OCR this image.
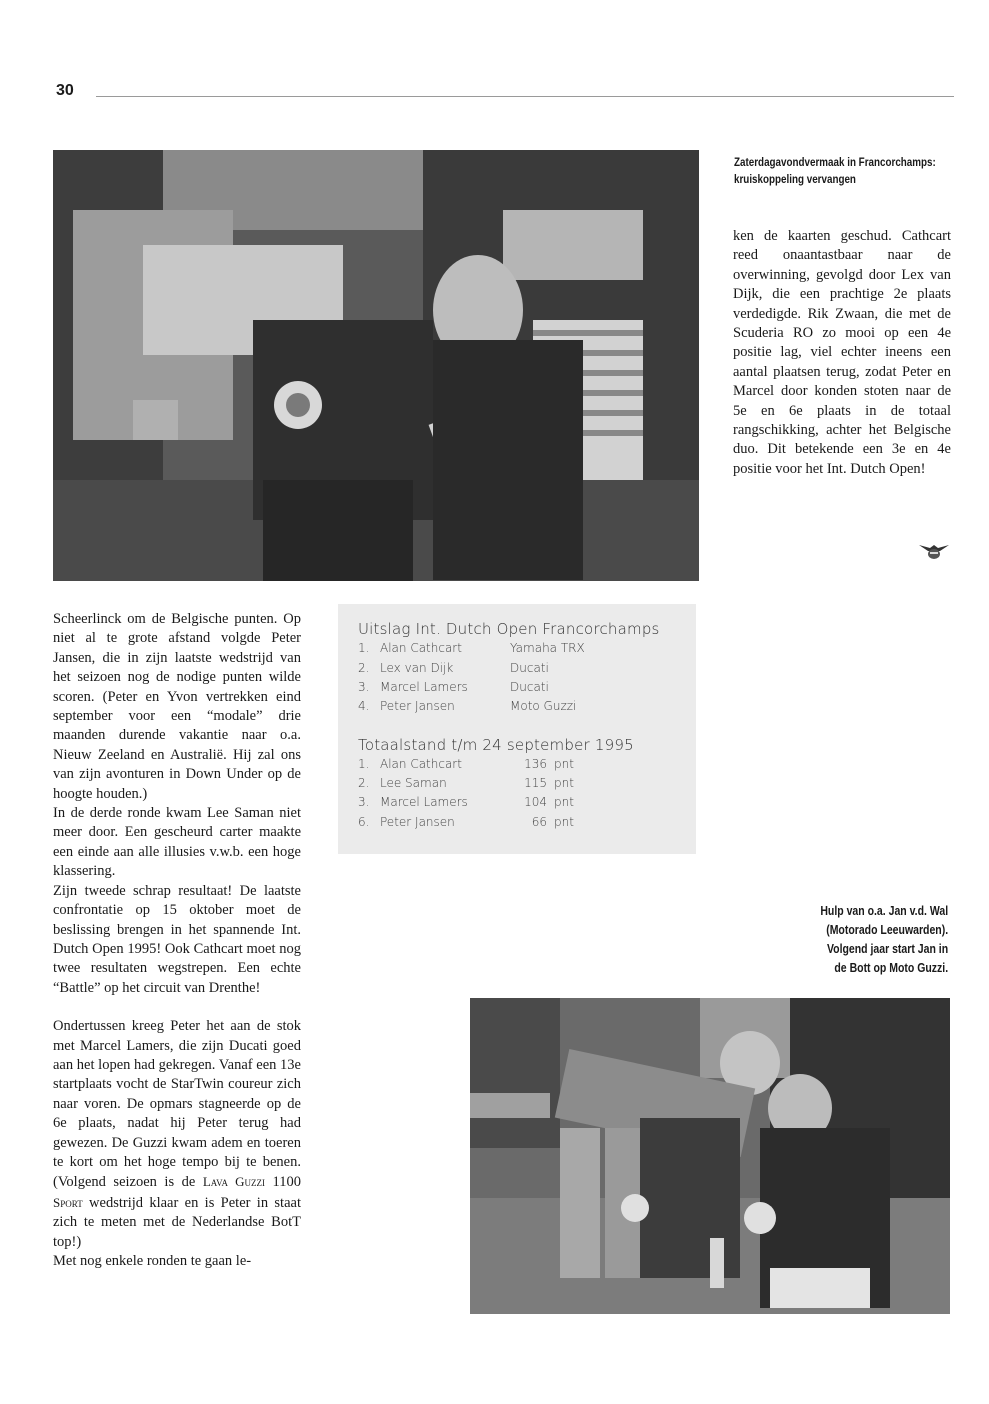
30
Zaterdagavondvermaak in Francorchamps:
kruiskoppeling vervangen

ken de kaarten geschud. Cathcart reed onaantastbaar naar de overwinning, gevolgd door Lex van Dijk, die een prachtige 2e plaats verdedigde. Rik Zwaan, die met de Scuderia RO zo mooi op een 4e positie lag, viel echter ineens een aantal plaatsen terug, zodat Peter en Marcel door konden stoten naar de 5e en 6e plaats in de totaal rangschikking, achter het Belgische duo. Dit betekende een 3e en 4e positie voor het Int. Dutch Open!

Scheerlinck om de Belgische punten. Op niet al te grote afstand volgde Peter Jansen, die in zijn laatste wedstrijd van het seizoen nog de nodige punten wilde scoren. (Peter en Yvon vertrekken eind september voor een “modale” drie maanden durende vakantie naar o.a. Nieuw Zeeland en Australië. Hij zal ons van zijn avonturen in Down Under op de hoogte houden.)

In de derde ronde kwam Lee Saman niet meer door. Een gescheurd carter maakte een einde aan alle illusies v.w.b. een hoge klassering.

Zijn tweede schrap resultaat! De laatste confrontatie op 15 oktober moet de beslissing brengen in het spannende Int. Dutch Open 1995! Ook Cathcart moet nog twee resultaten wegstrepen. Een echte “Battle” op het circuit van Drenthe!

Ondertussen kreeg Peter het aan de stok met Marcel Lamers, die zijn Ducati goed aan het lopen had gekregen. Vanaf een 13e startplaats vocht de StarTwin coureur zich naar voren. De opmars stagneerde op de 6e plaats, nadat hij Peter terug had gewezen. De Guzzi kwam adem en toeren te kort om het hoge tempo bij te benen. (Volgend seizoen is de Lava Guzzi 1100 Sport wedstrijd klaar en is Peter in staat zich te meten met de Nederlandse BotT top!)

Met nog enkele ronden te gaan le-

Uitslag Int. Dutch Open Francorchamps
1. Alan Cathcart	Yamaha TRX
2. Lex van Dijk	Ducati
3. Marcel Lamers	Ducati
4. Peter Jansen	Moto Guzzi
Totaalstand t/m 24 september 1995
1. Alan Cathcart	136 pnt
2. Lee Saman	115 pnt
3. Marcel Lamers	104 pnt
6. Peter Jansen	66 pnt
Hulp van o.a. Jan v.d. Wal
(Motorado Leeuwarden).
Volgend jaar start Jan in
de Bott op Moto Guzzi.
